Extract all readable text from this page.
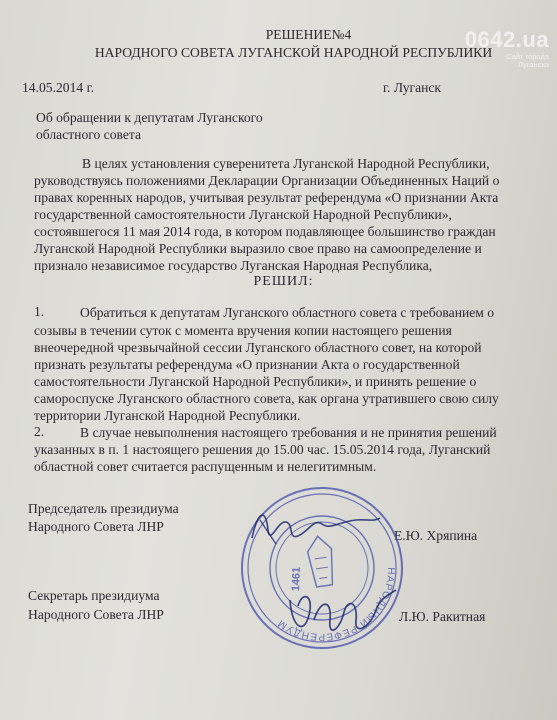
0642.ua
Сайт города
Луганска
РЕШЕНИЕ№4
НАРОДНОГО СОВЕТА ЛУГАНСКОЙ НАРОДНОЙ РЕСПУБЛИКИ
14.05.2014 г.	г. Луганск
Об обращении к депутатам Луганского
областного совета
В целях установления суверенитета Луганской Народной Республики,
руководствуясь положениями Декларации Организации Объединенных Наций о
правах коренных народов, учитывая результат референдума «О признании Акта
государственной самостоятельности Луганской Народной Республики»,
состоявшегося 11 мая 2014 года, в котором подавляющее большинство граждан
Луганской Народной Республики выразило свое право на самоопределение и
признало независимое государство Луганская Народная Республика,
РЕШИЛ:
1.	Обратиться к депутатам Луганского областного совета с требованием о
созывы в течении суток с момента вручения копии настоящего решения
внеочередной чрезвычайной сессии Луганского областного совет, на которой
признать результаты референдума «О признании Акта о государственной
самостоятельности Луганской Народной Республики», и принять решение о
самороспуске Луганского областного совета, как органа утратившего свою силу
территории Луганской Народной Республики.
2.	В случае невыполнения настоящего требования и не принятия решений
указанных в п. 1 настоящего решения до 15.00 час. 15.05.2014 года, Луганский
областной совет считается распущенным и нелегитимным.
Председатель президиума
Народного Совета ЛНР
Е.Ю. Хряпина
Секретарь президиума
Народного Совета ЛНР	Л.Ю. Ракитная
НАРОДНЫЙ РЕФЕРЕНДУМ
1461
